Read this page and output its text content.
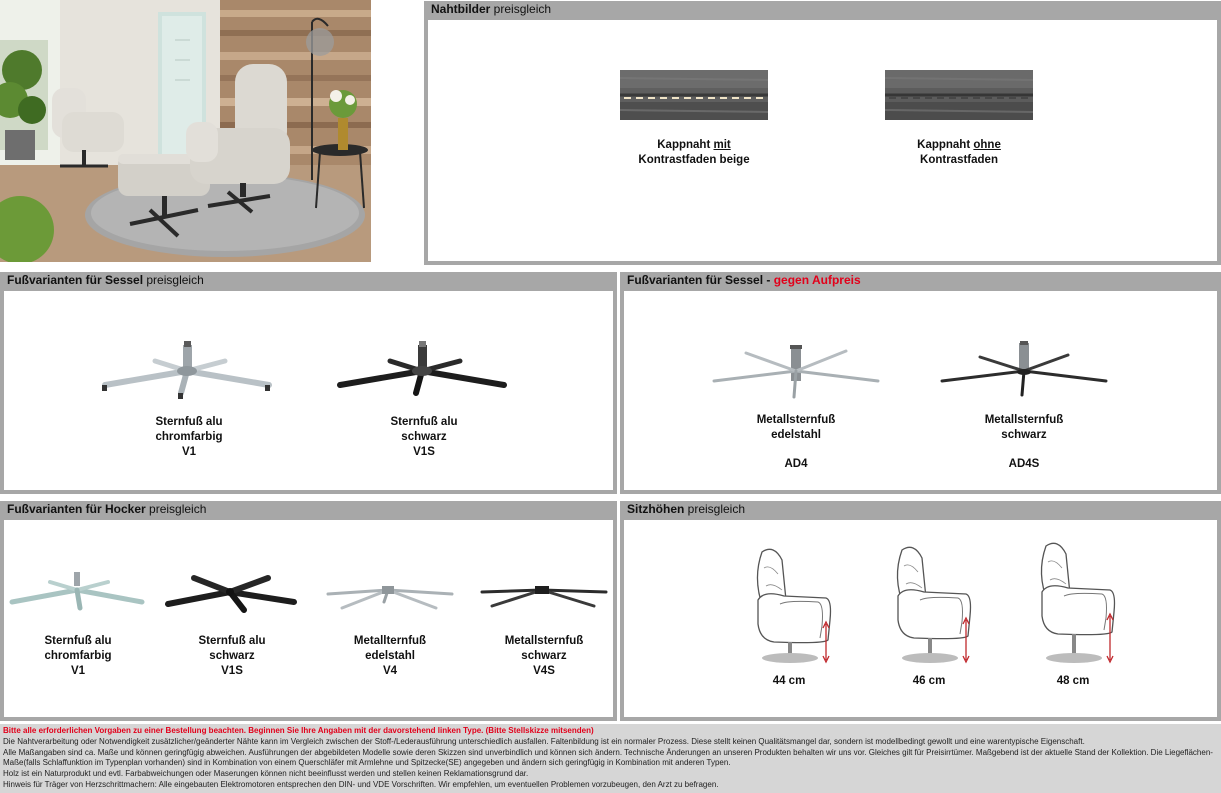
Nahtbilder preisgleich
Kappnaht mit
Kontrastfaden beige
Kappnaht ohne
Kontrastfaden
Fußvarianten für Sessel preisgleich
Sternfuß alu
chromfarbig
V1
Sternfuß alu
schwarz
V1S
Fußvarianten für Sessel - gegen Aufpreis
Metallsternfuß
edelstahl
AD4
Metallsternfuß
schwarz
AD4S
Fußvarianten für Hocker preisgleich
Sternfuß alu
chromfarbig
V1
Sternfuß alu
schwarz
V1S
Metallternfuß
edelstahl
V4
Metallsternfuß
schwarz
V4S
Sitzhöhen preisgleich
44 cm	46 cm	48 cm
Bitte alle erforderlichen Vorgaben zu einer Bestellung beachten. Beginnen Sie Ihre Angaben mit der davorstehend linken Type. (Bitte Stellskizze mitsenden)
Die Nahtverarbeitung oder Notwendigkeit zusätzlicher/geänderter Nähte kann im Vergleich zwischen der Stoff-/Lederausführung unterschiedlich ausfallen. Faltenbildung ist ein normaler Prozess. Diese stellt keinen Qualitätsmangel dar, sondern ist modellbedingt gewollt und eine warentypische Eigenschaft.
Alle Maßangaben sind ca. Maße und können geringfügig abweichen. Ausführungen der abgebildeten Modelle sowie deren Skizzen sind unverbindlich und können sich ändern. Technische Änderungen an unseren Produkten behalten wir uns vor. Gleiches gilt für Preisirrtümer. Maßgebend ist der aktuelle Stand der Kollektion. Die Liegeflächen-Maße(falls Schlaffunktion im Typenplan vorhanden) sind in Kombination von einem Querschläfer mit Armlehne und Spitzecke(SE) angegeben und ändern sich geringfügig in Kombination mit anderen Typen.
Holz ist ein Naturprodukt und evtl. Farbabweichungen oder Maserungen können nicht beeinflusst werden und stellen keinen Reklamationsgrund dar.
Hinweis für Träger von Herzschrittmachern: Alle eingebauten Elektromotoren entsprechen den DIN- und VDE Vorschriften. Wir empfehlen, um eventuellen Problemen vorzubeugen, den Arzt zu befragen.
